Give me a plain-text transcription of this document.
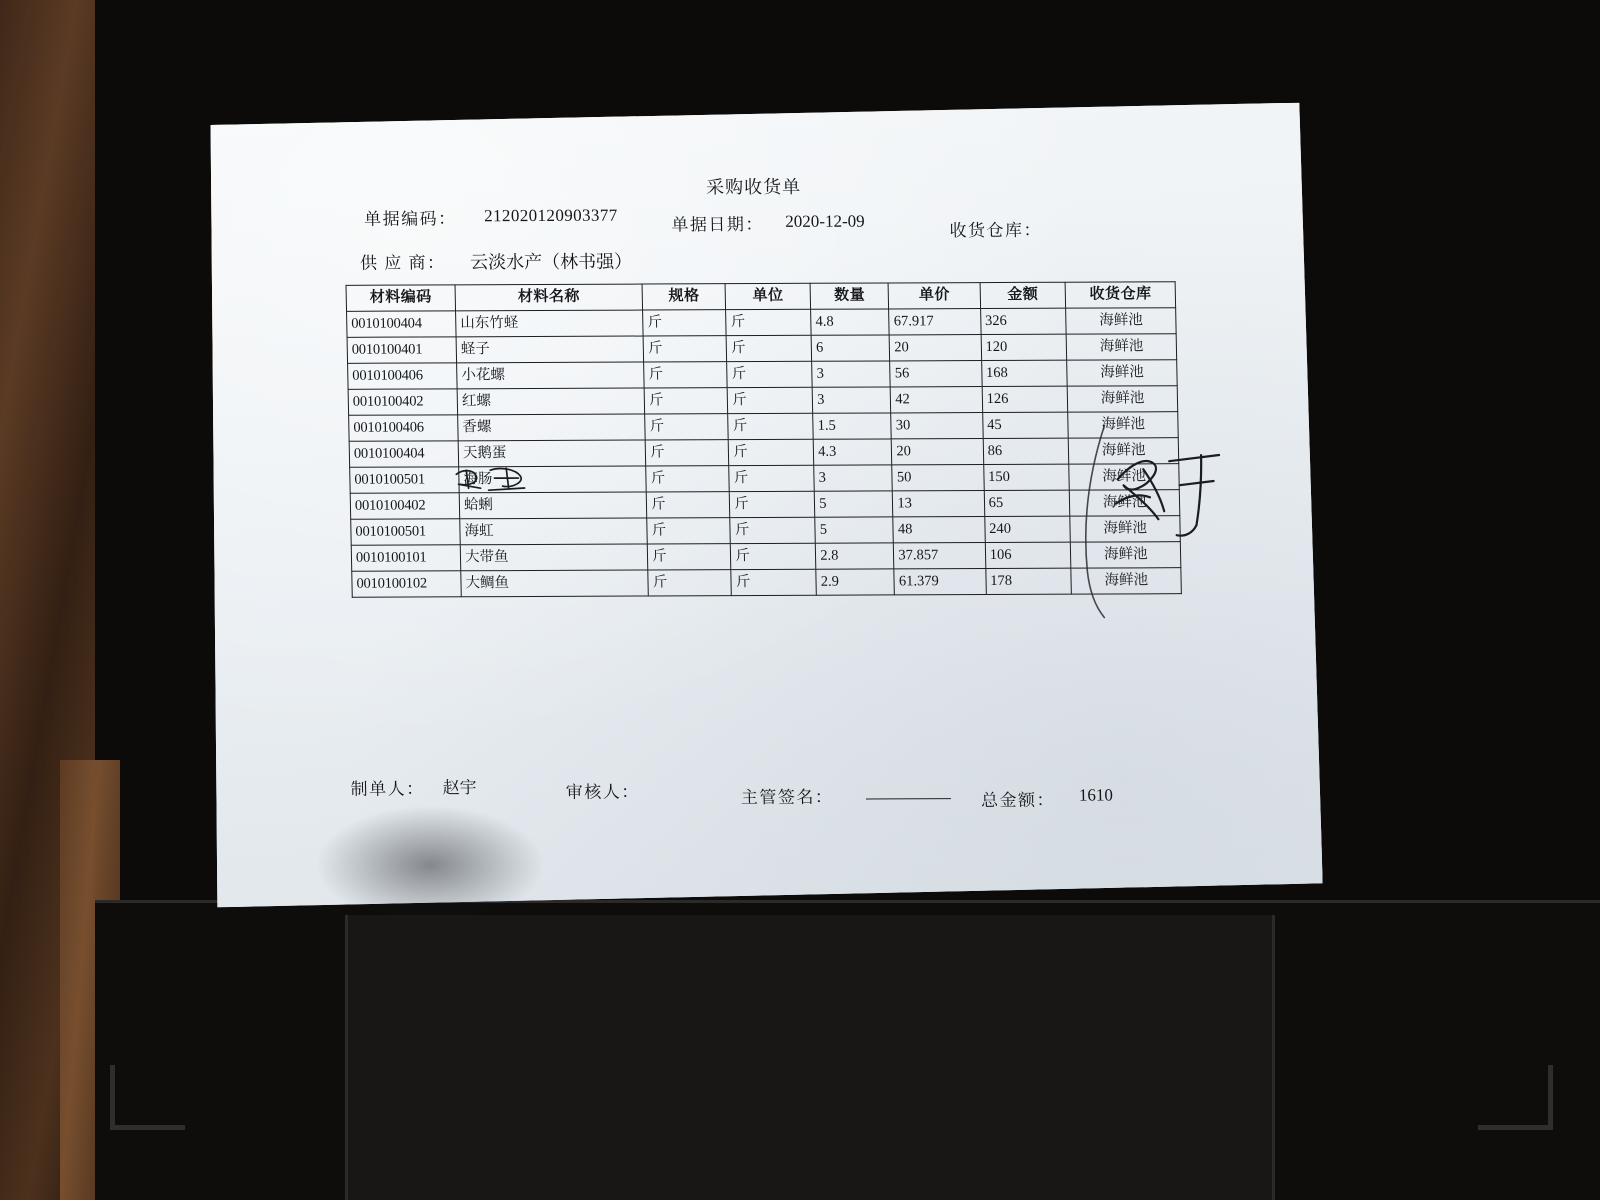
采购收货单
单据编码： 212020120903377	单据日期： 2020-12-09	收货仓库：
供 应 商： 云淡水产（林书强）
材料编码	材料名称	规格	单位	数量	单价	金额	收货仓库
0010100404	山东竹蛏	斤	斤	4.8	67.917	326	海鲜池
0010100401	蛏子	斤	斤	6	20	120	海鲜池
0010100406	小花螺	斤	斤	3	56	168	海鲜池
0010100402	红螺	斤	斤	3	42	126	海鲜池
0010100406	香螺	斤	斤	1.5	30	45	海鲜池
0010100404	天鹅蛋	斤	斤	4.3	20	86	海鲜池
0010100501	海肠	斤	斤	3	50	150	海鲜池
0010100402	蛤蜊	斤	斤	5	13	65	海鲜池
0010100501	海虹	斤	斤	5	48	240	海鲜池
0010100101	大带鱼	斤	斤	2.8	37.857	106	海鲜池
0010100102	大鲷鱼	斤	斤	2.9	61.379	178	海鲜池
制单人： 赵宇	审核人：	主管签名：	总金额： 1610
